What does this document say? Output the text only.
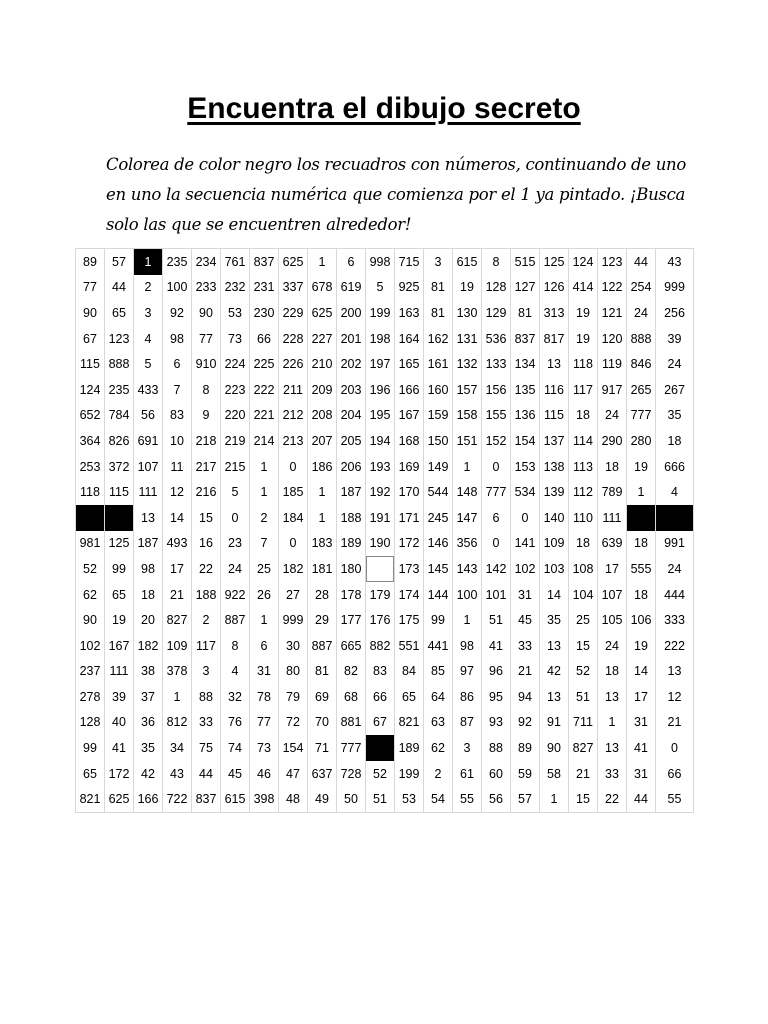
Encuentra el dibujo secreto
Colorea de color negro los recuadros con números, continuando de uno en uno la secuencia numérica que comienza por el 1 ya pintado. ¡Busca solo las que se encuentren alrededor!
89	57	1	235	234	761	837	625	1	6	998	715	3	615	8	515	125	124	123	44	43
77	44	2	100	233	232	231	337	678	619	5	925	81	19	128	127	126	414	122	254	999
90	65	3	92	90	53	230	229	625	200	199	163	81	130	129	81	313	19	121	24	256
67	123	4	98	77	73	66	228	227	201	198	164	162	131	536	837	817	19	120	888	39
115	888	5	6	910	224	225	226	210	202	197	165	161	132	133	134	13	118	119	846	24
124	235	433	7	8	223	222	211	209	203	196	166	160	157	156	135	116	117	917	265	267
652	784	56	83	9	220	221	212	208	204	195	167	159	158	155	136	115	18	24	777	35
364	826	691	10	218	219	214	213	207	205	194	168	150	151	152	154	137	114	290	280	18
253	372	107	11	217	215	1	0	186	206	193	169	149	1	0	153	138	113	18	19	666
118	115	111	12	216	5	1	185	1	187	192	170	544	148	777	534	139	112	789	1	4
		13	14	15	0	2	184	1	188	191	171	245	147	6	0	140	110	111		
981	125	187	493	16	23	7	0	183	189	190	172	146	356	0	141	109	18	639	18	991
52	99	98	17	22	24	25	182	181	180		173	145	143	142	102	103	108	17	555	24
62	65	18	21	188	922	26	27	28	178	179	174	144	100	101	31	14	104	107	18	444
90	19	20	827	2	887	1	999	29	177	176	175	99	1	51	45	35	25	105	106	333
102	167	182	109	117	8	6	30	887	665	882	551	441	98	41	33	13	15	24	19	222
237	111	38	378	3	4	31	80	81	82	83	84	85	97	96	21	42	52	18	14	13
278	39	37	1	88	32	78	79	69	68	66	65	64	86	95	94	13	51	13	17	12
128	40	36	812	33	76	77	72	70	881	67	821	63	87	93	92	91	711	1	31	21
99	41	35	34	75	74	73	154	71	777		189	62	3	88	89	90	827	13	41	0
65	172	42	43	44	45	46	47	637	728	52	199	2	61	60	59	58	21	33	31	66
821	625	166	722	837	615	398	48	49	50	51	53	54	55	56	57	1	15	22	44	55
